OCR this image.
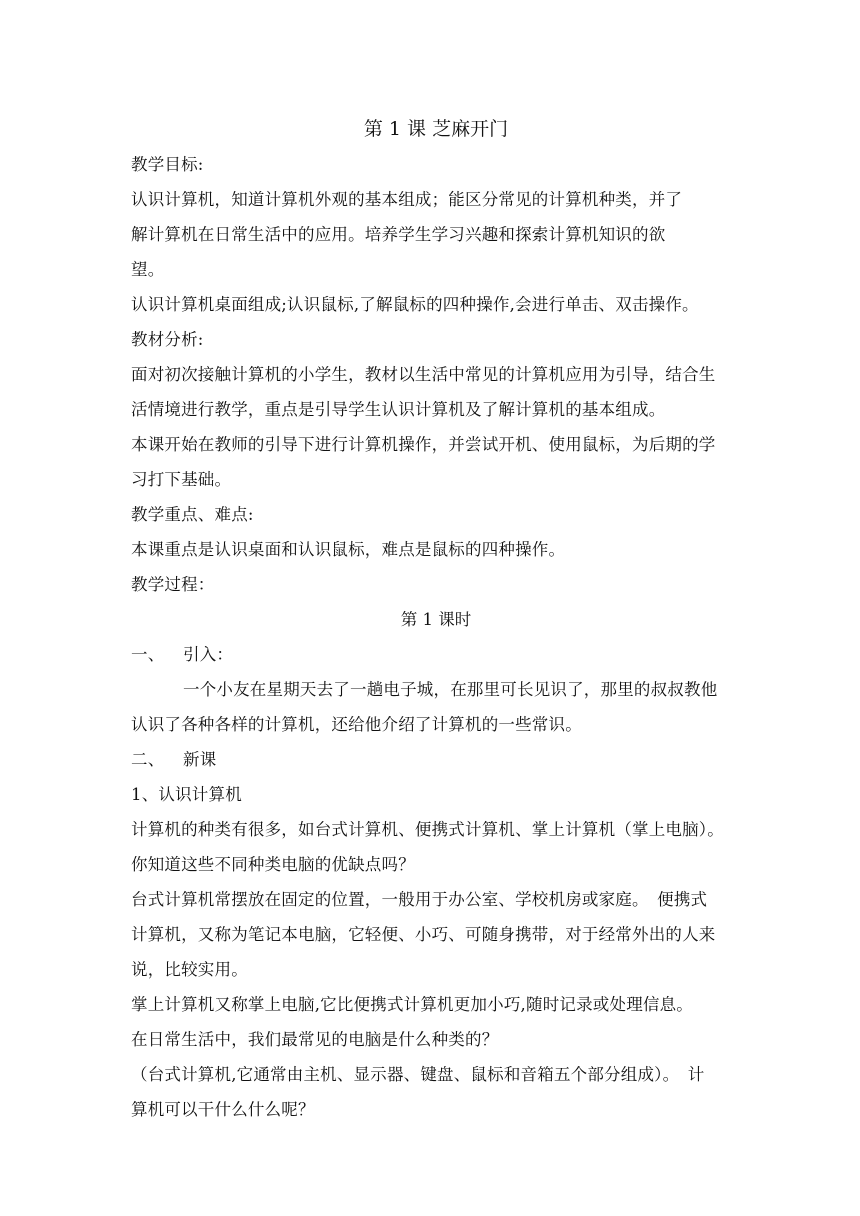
第 1 课 芝麻开门

教学目标:

认识计算机，知道计算机外观的基本组成；能区分常见的计算机种类，并了

解计算机在日常生活中的应用。培养学生学习兴趣和探索计算机知识的欲

望。

认识计算机桌面组成;认识鼠标,了解鼠标的四种操作,会进行单击、双击操作。

教材分析:

面对初次接触计算机的小学生，教材以生活中常见的计算机应用为引导，结合生

活情境进行教学，重点是引导学生认识计算机及了解计算机的基本组成。

本课开始在教师的引导下进行计算机操作，并尝试开机、使用鼠标，为后期的学

习打下基础。

教学重点、难点:

本课重点是认识桌面和认识鼠标，难点是鼠标的四种操作。

教学过程：

第 1 课时

一、 引入：

一个小友在星期天去了一趟电子城，在那里可长见识了，那里的叔叔教他

认识了各种各样的计算机，还给他介绍了计算机的一些常识。

二、 新课

1、认识计算机

计算机的种类有很多，如台式计算机、便携式计算机、掌上计算机（掌上电脑）。

你知道这些不同种类电脑的优缺点吗？

台式计算机常摆放在固定的位置，一般用于办公室、学校机房或家庭。　便携式

计算机，又称为笔记本电脑，它轻便、小巧、可随身携带，对于经常外出的人来

说，比较实用。

掌上计算机又称掌上电脑,它比便携式计算机更加小巧,随时记录或处理信息。

在日常生活中，我们最常见的电脑是什么种类的？

（台式计算机,它通常由主机、显示器、键盘、鼠标和音箱五个部分组成）。　计

算机可以干什么什么呢？
